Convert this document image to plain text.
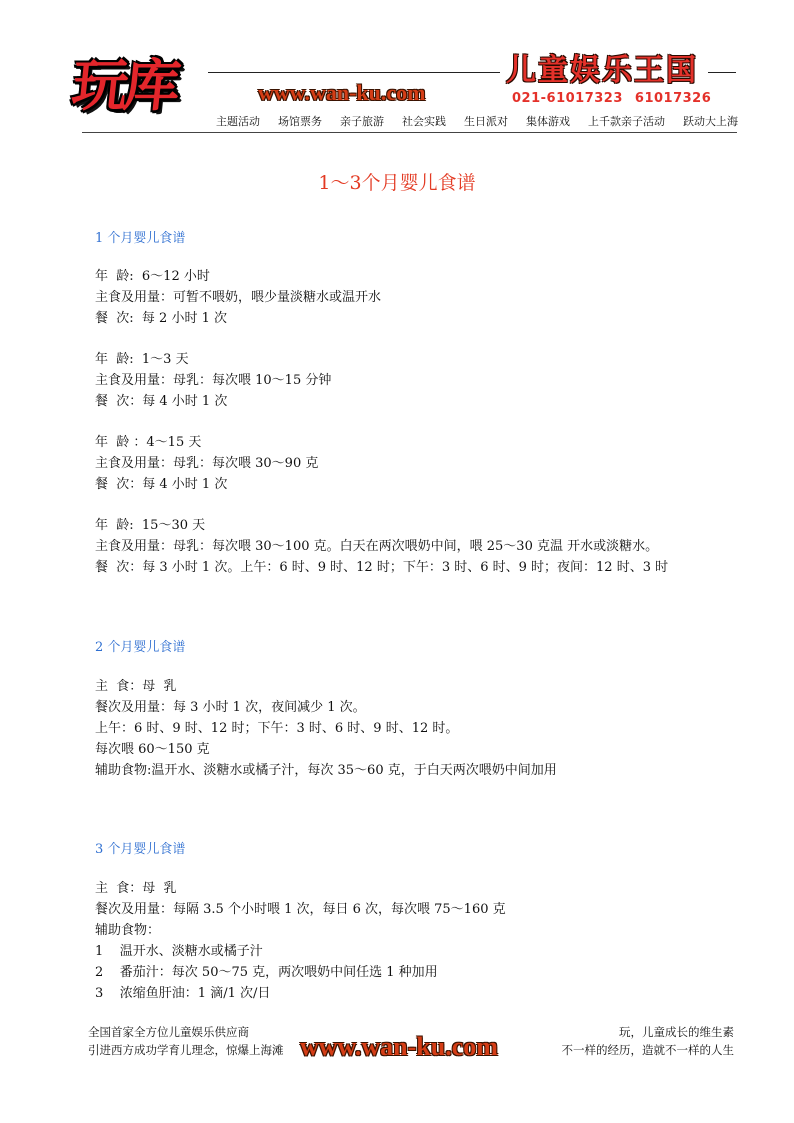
玩库	www.wan-ku.com
儿童娱乐王国
021-61017323 61017326
主题活动 场馆票务 亲子旅游 社会实践 生日派对 集体游戏 上千款亲子活动 跃动大上海
1～3个月婴儿食谱
1 个月婴儿食谱
年  龄:  6～12 小时
主食及用量：可暂不喂奶，喂少量淡糖水或温开水
餐  次:  每 2 小时 1 次
年  龄:  1～3 天
主食及用量：母乳：每次喂 10～15 分钟
餐  次：每 4 小时 1 次
年  龄 ：4～15 天
主食及用量：母乳：每次喂 30～90 克
餐  次：每 4 小时 1 次
年  龄:  15～30 天
主食及用量：母乳：每次喂 30～100 克。白天在两次喂奶中间，喂 25～30 克温 开水或淡糖水。
餐  次：每 3 小时 1 次。上午：6 时、9 时、12 时；下午：3 时、6 时、9 时；夜间：12 时、3 时
2 个月婴儿食谱
主  食：母  乳
餐次及用量：每 3 小时 1 次，夜间减少 1 次。
上午：6 时、9 时、12 时；下午：3 时、6 时、9 时、12 时。
每次喂 60～150 克
辅助食物:温开水、淡糖水或橘子汁，每次 35～60 克，于白天两次喂奶中间加用
3 个月婴儿食谱
主  食：母  乳
餐次及用量：每隔 3.5 个小时喂 1 次，每日 6 次，每次喂 75～160 克
辅助食物：
1    温开水、淡糖水或橘子汁
2    番茄汁：每次 50～75 克，两次喂奶中间任选 1 种加用
3    浓缩鱼肝油：1 滴/1 次/日
全国首家全方位儿童娱乐供应商
引进西方成功学育儿理念，惊爆上海滩 www.wan-ku.com	玩，儿童成长的维生素
不一样的经历，造就不一样的人生
